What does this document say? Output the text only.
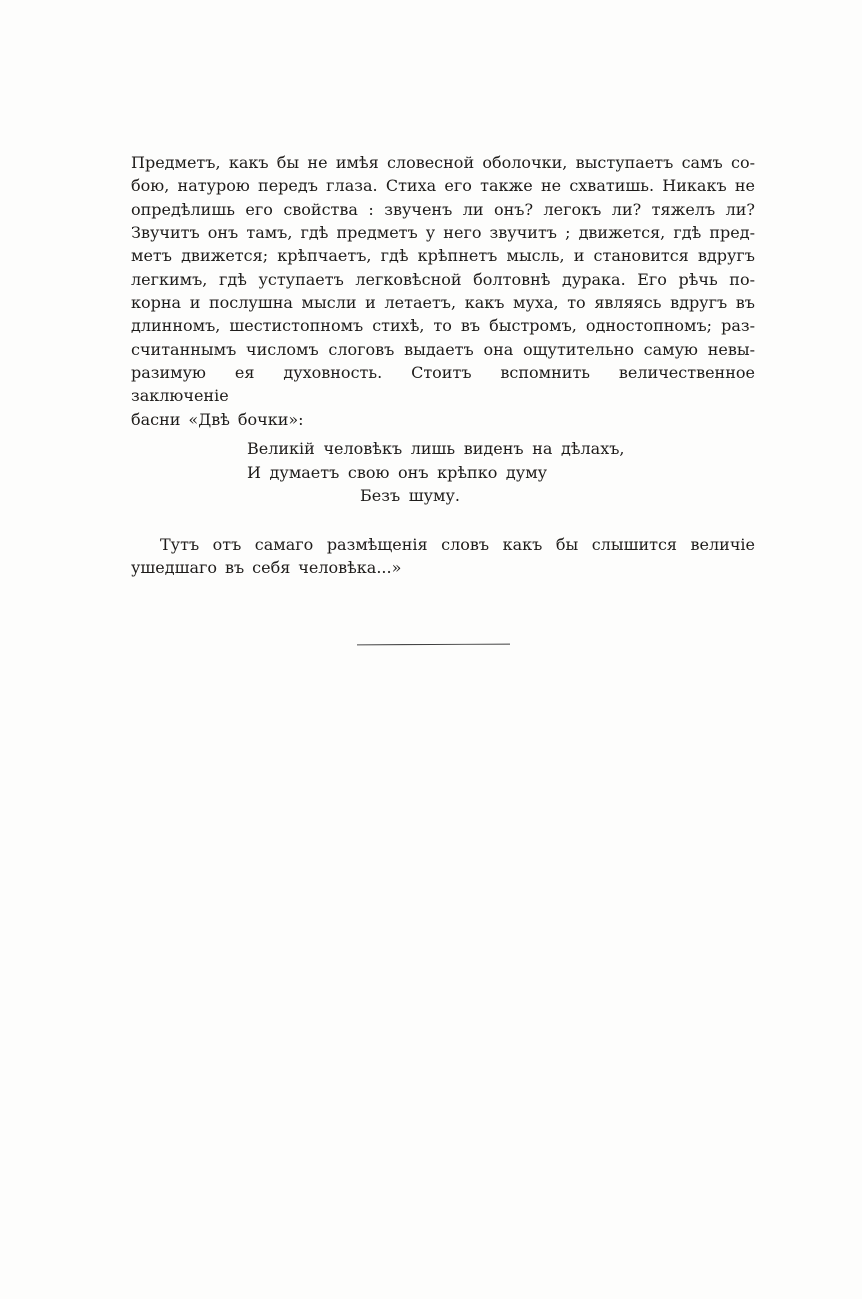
Предметъ, какъ бы не имѣя словесной оболочки, выступаетъ самъ со-
бою, натурою передъ глаза. Стиха его также не схватишь. Никакъ не
опредѣлишь его свойства : звученъ ли онъ? легокъ ли? тяжелъ ли?
Звучитъ онъ тамъ, гдѣ предметъ у него звучитъ ; движется, гдѣ пред-
метъ движется; крѣпчаетъ, гдѣ крѣпнетъ мысль, и становится вдругъ
легкимъ, гдѣ уступаетъ легковѣсной болтовнѣ дурака. Его рѣчь по-
корна и послушна мысли и летаетъ, какъ муха, то являясь вдругъ въ
длинномъ, шестистопномъ стихѣ, то въ быстромъ, одностопномъ; раз-
считаннымъ числомъ слоговъ выдаетъ она ощутительно самую невы-
разимую ея духовность. Стоитъ вспомнить величественное заключеніе
басни «Двѣ бочки»:
Великій человѣкъ лишь виденъ на дѣлахъ,
И думаетъ свою онъ крѣпко думу
Безъ шуму.
Тутъ отъ самаго размѣщенія словъ какъ бы слышится величіе
ушедшаго въ себя человѣка...»
